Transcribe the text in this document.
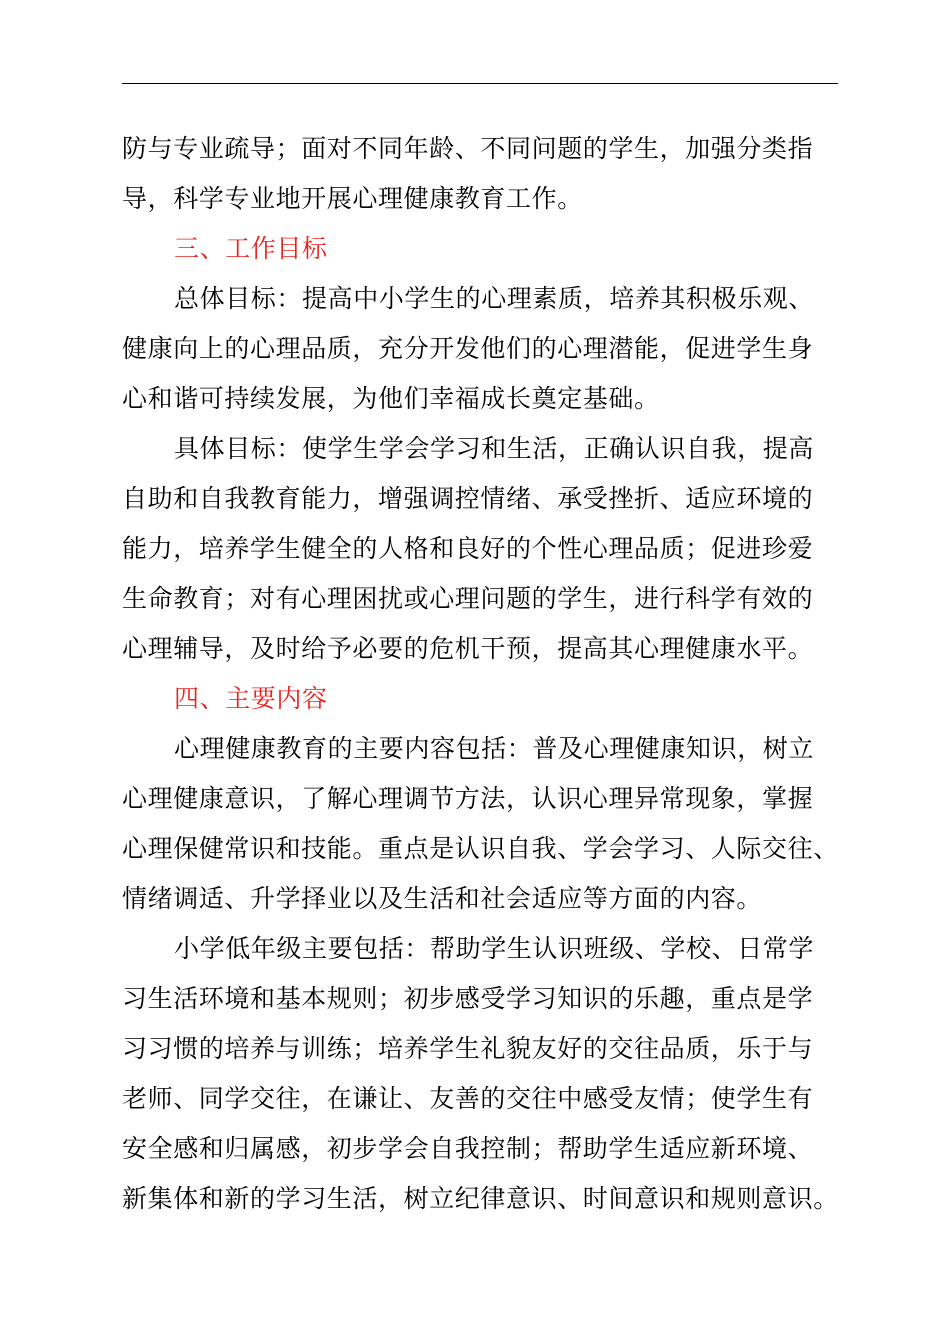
防与专业疏导；面对不同年龄、不同问题的学生，加强分类指
导，科学专业地开展心理健康教育工作。
三、工作目标
总体目标：提高中小学生的心理素质，培养其积极乐观、
健康向上的心理品质，充分开发他们的心理潜能，促进学生身
心和谐可持续发展，为他们幸福成长奠定基础。
具体目标：使学生学会学习和生活，正确认识自我，提高
自助和自我教育能力，增强调控情绪、承受挫折、适应环境的
能力，培养学生健全的人格和良好的个性心理品质；促进珍爱
生命教育；对有心理困扰或心理问题的学生，进行科学有效的
心理辅导，及时给予必要的危机干预，提高其心理健康水平。
四、主要内容
心理健康教育的主要内容包括：普及心理健康知识，树立
心理健康意识，了解心理调节方法，认识心理异常现象，掌握
心理保健常识和技能。重点是认识自我、学会学习、人际交往、
情绪调适、升学择业以及生活和社会适应等方面的内容。
小学低年级主要包括：帮助学生认识班级、学校、日常学
习生活环境和基本规则；初步感受学习知识的乐趣，重点是学
习习惯的培养与训练；培养学生礼貌友好的交往品质，乐于与
老师、同学交往，在谦让、友善的交往中感受友情；使学生有
安全感和归属感，初步学会自我控制；帮助学生适应新环境、
新集体和新的学习生活，树立纪律意识、时间意识和规则意识。
